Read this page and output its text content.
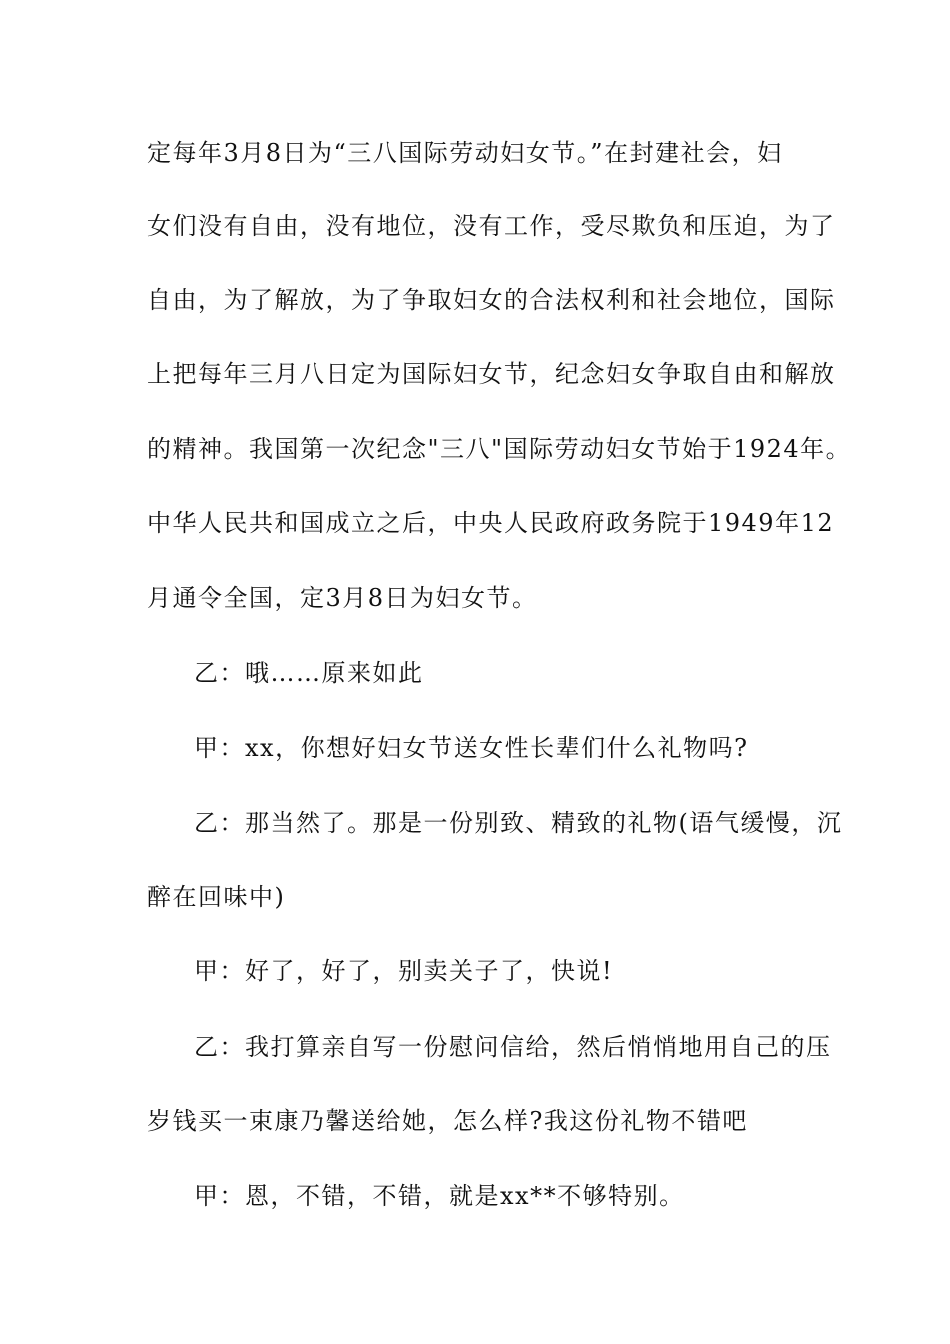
定每年3月8日为“三八国际劳动妇女节。”在封建社会，妇
女们没有自由，没有地位，没有工作，受尽欺负和压迫，为了
自由，为了解放，为了争取妇女的合法权利和社会地位，国际
上把每年三月八日定为国际妇女节，纪念妇女争取自由和解放
的精神。我国第一次纪念"三八"国际劳动妇女节始于1924年。
中华人民共和国成立之后，中央人民政府政务院于1949年12
月通令全国，定3月8日为妇女节。
乙：哦……原来如此
甲：xx，你想好妇女节送女性长辈们什么礼物吗?
乙：那当然了。那是一份别致、精致的礼物(语气缓慢，沉
醉在回味中)
甲：好了，好了，别卖关子了，快说!
乙：我打算亲自写一份慰问信给，然后悄悄地用自己的压
岁钱买一束康乃馨送给她，怎么样?我这份礼物不错吧
甲：恩，不错，不错，就是xx**不够特别。
